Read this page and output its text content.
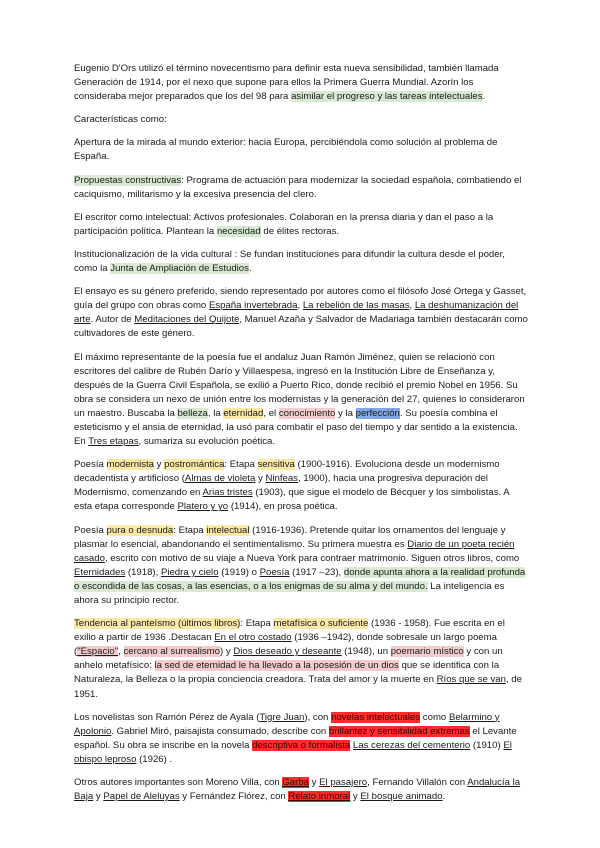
Eugenio D'Ors utilizó el término novecentismo para definir esta nueva sensibilidad, también llamada Generación de 1914, por el nexo que supone para ellos la Primera Guerra Mundial. Azorín los consideraba mejor preparados que los del 98 para asimilar el progreso y las tareas intelectuales.

Características como:

Apertura de la mirada al mundo exterior: hacia Europa, percibiéndola como solución al problema de España.

Propuestas constructivas: Programa de actuación para modernizar la sociedad española, combatiendo el caciquismo, militarismo y la excesiva presencia del clero.

El escritor como intelectual: Activos profesionales. Colaboran en la prensa diaria y dan el paso a la participación política. Plantean la necesidad de élites rectoras.

Institucionalización de la vida cultural : Se fundan instituciones para difundir la cultura desde el poder, como la Junta de Ampliación de Estudios.

El ensayo es su género preferido, siendo representado por autores como el filósofo José Ortega y Gasset, guía del grupo con obras como España invertebrada, La rebelión de las masas, La deshumanización del arte. Autor de Meditaciones del Quijote, Manuel Azaña y Salvador de Madariaga también destacarán como cultivadores de este género.

El máximo representante de la poesía fue el andaluz Juan Ramón Jiménez, quien se relacionó con escritores del calibre de Rubén Darío y Villaespesa, ingresó en la Institución Libre de Enseñanza y, después de la Guerra Civil Española, se exilió a Puerto Rico, donde recibió el premio Nobel en 1956. Su obra se considera un nexo de unión entre los modernistas y la generación del 27, quienes lo consideraron un maestro. Buscaba la belleza, la eternidad, el conocimiento y la perfección. Su poesía combina el esteticismo y el ansia de eternidad, la usó para combatir el paso del tiempo y dar sentido a la existencia. En Tres etapas, sumariza su evolución poética.

Poesía modernista y postromántica: Etapa sensitiva (1900-1916). Evoluciona desde un modernismo decadentista y artificioso (Almas de violeta y Ninfeas, 1900), hacia una progresiva depuración del Modernismo, comenzando en Arias tristes (1903), que sigue el modelo de Bécquer y los simbolistas. A esta etapa corresponde Platero y yo (1914), en prosa poética.

Poesía pura o desnuda: Etapa intelectual (1916-1936). Pretende quitar los ornamentos del lenguaje y plasmar lo esencial, abandonando el sentimentalismo. Su primera muestra es Diario de un poeta recién casado, escrito con motivo de su viaje a Nueva York para contraer matrimonio. Siguen otros libros, como Eternidades (1918), Piedra y cielo (1919) o Poesía (1917 –23), donde apunta ahora a la realidad profunda o escondida de las cosas, a las esencias, o a los enigmas de su alma y del mundo. La inteligencia es ahora su principio rector.

Tendencia al panteísmo (últimos libros): Etapa metafísica o suficiente (1936 - 1958). Fue escrita en el exilio a partir de 1936 .Destacan En el otro costado (1936 –1942), donde sobresale un largo poema ("Espacio", cercano al surrealismo) y Dios deseado y deseante (1948), un poemario místico y con un anhelo metafísico: la sed de eternidad le ha llevado a la posesión de un dios que se identifica con la Naturaleza, la Belleza o la propia conciencia creadora. Trata del amor y la muerte en Ríos que se van, de 1951.

Los novelistas son Ramón Pérez de Ayala (Tigre Juan), con novelas intelectuales como Belarmino y Apolonio. Gabriel Miró, paisajista consumado, describe con brillantez y sensibilidad extremas el Levante español. Su obra se inscribe en la novela descriptiva o formalista Las cerezas del cementerio (1910) El obispo leproso (1926) .

Otros autores importantes son Moreno Villa, con Garba y El pasajero, Fernando Villalón con Andalucía la Baja y Papel de Aleluyas y Fernández Flórez, con Relato inmoral y El bosque animado.
